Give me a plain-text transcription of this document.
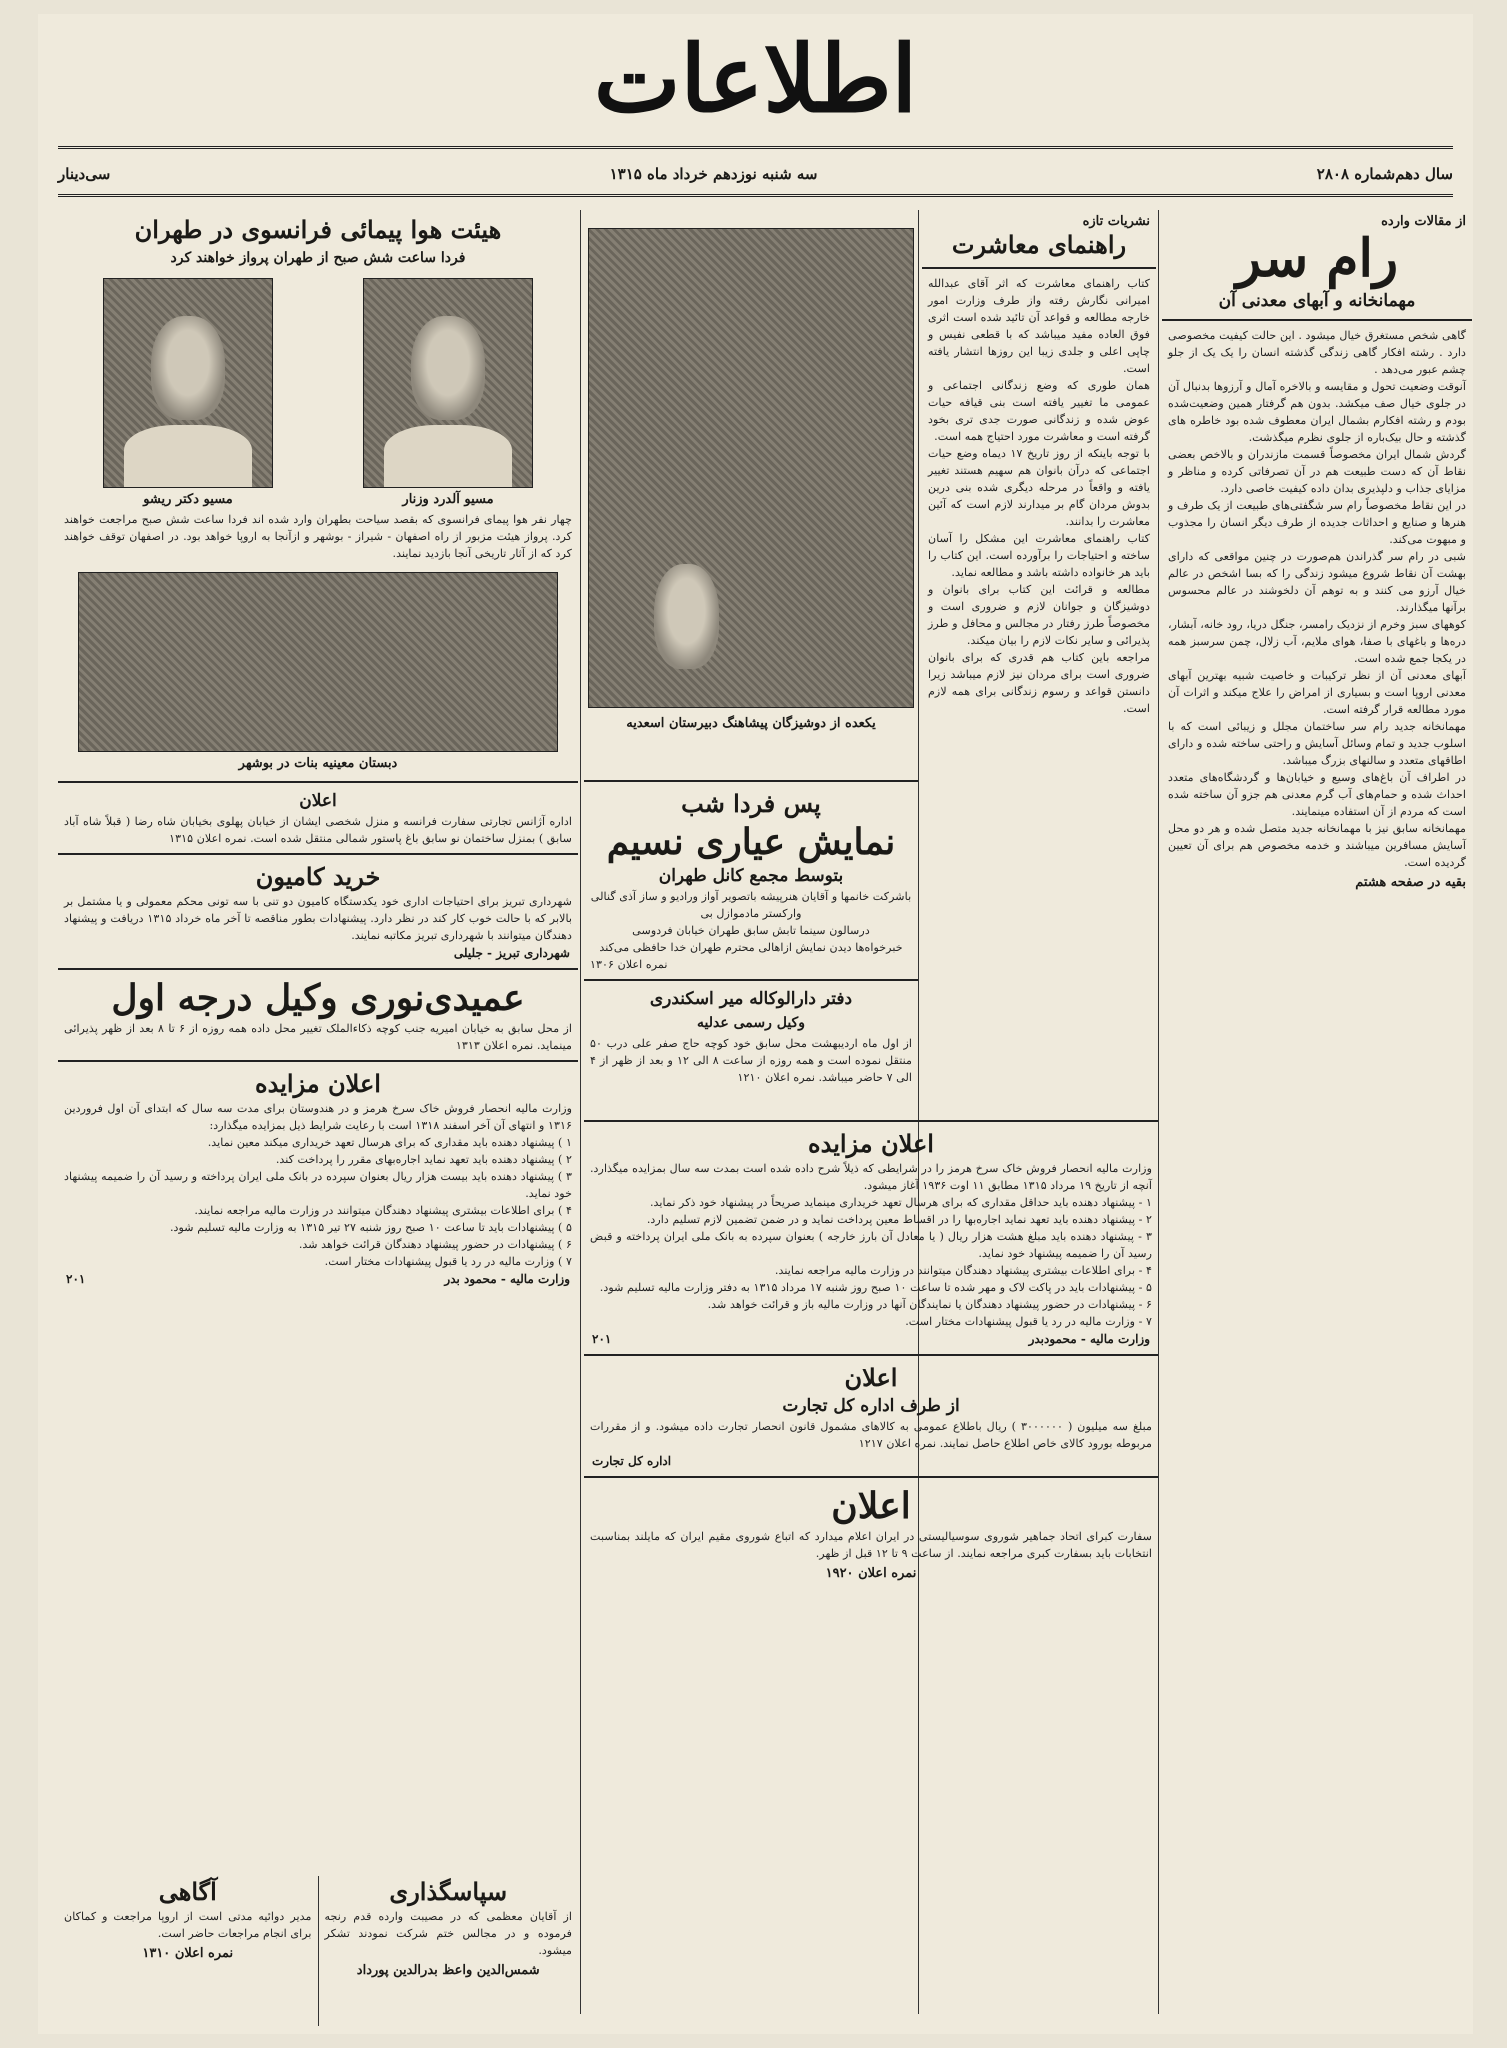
اطلاعات
سال دهم‌شماره ۲۸۰۸
سه شنبه نوزدهم خرداد ماه ۱۳۱۵
سی‌دینار
از مقالات وارده
رام سر
مهمانخانه و آبهای معدنی آن

گاهی شخص مستغرق خیال میشود . این حالت کیفیت مخصوصی دارد . رشته افکار گاهی زندگی گذشته انسان را یک‌ یک از جلو چشم‌ عبور می‌دهد .

آنوقت وضعیت تحول و مقایسه و بالاخره آمال و آرزوها بدنبال آن در جلوی خیال صف میکشد. بدون هم گرفتار همین وضعیت‌شده بودم و رشته افکارم بشمال ایران معطوف شده بود خاطره های گذشته و حال بیک‌باره از جلوی نظرم میگذشت.

گردش‌ شمال ایران مخصوصاً قسمت‌ مازندران و بالاخص بعضی‌ نقاط آن که دست طبیعت هم در آن تصرفاتی کرده و مناظر و مزایای جذاب و دلپذیری بدان داده کیفیت خاصی دارد.

در این نقاط مخصوصاً رام سر شگفتی‌های طبیعت از یک طرف و هنرها و صنایع و احداثات جدیده از طرف دیگر انسان را مجذوب و مبهوت می‌کند.

شبی‌ در رام سر گذراندن هم‌صورت در چنین مواقعی که دارای بهشت آن نقاط شروع میشود زندگی را که بسا اشخص در عالم خیال آرزو می کنند و به توهم آن دلخوشند در عالم محسوس برآنها میگذارند.

کوههای سبز وخرم از نزدیک رامسر، جنگل دریا، رود خانه، آبشار، دره‌ها و باغهای با صفا، هوای ملایم، آب‌ زلال، چمن سرسبز همه در یکجا جمع شده است.

آبهای معدنی آن از نظر ترکیبات و خاصیت شبیه بهترین آبهای معدنی اروپا است و بسیاری از امراض را علاج میکند و اثرات آن مورد مطالعه قرار گرفته است.

مهمانخانه جدید رام سر ساختمان مجلل و زیبائی است که با اسلوب جدید و تمام وسائل آسایش و راحتی ساخته شده و دارای اطاقهای متعدد و سالنهای بزرگ میباشد.

در اطراف آن باغ‌های وسیع و خیابان‌ها و گردشگاه‌های متعدد احداث شده و حمام‌های آب‌ گرم معدنی هم جزو آن ساخته شده است که مردم از آن استفاده مینمایند.

مهمانخانه سابق نیز با مهمانخانه جدید متصل شده و هر دو محل آسایش مسافرین میباشند و خدمه مخصوص هم برای آن تعیین گردیده است.

بقیه در صفحه هشتم
نشریات تازه
راهنمای معاشرت

کتاب راهنمای معاشرت که اثر آقای عبدالله امیرانی نگارش رفته واز طرف وزارت امور خارجه مطالعه و قواعد آن تائید شده است اثری فوق العاده مفید میباشد که با قطعی نفیس و چاپی اعلی و جلدی زیبا این روزها انتشار یافته است.

همان طوری که وضع زندگانی اجتماعی و عمومی ما تغییر یافته است بنی قیافه حیات عوض شده و زندگانی صورت جدی تری بخود گرفته است و معاشرت مورد احتیاج همه است.

با توجه باینکه از روز تاریخ ۱۷ دیماه وضع حیات اجتماعی که درآن بانوان هم سهیم هستند تغییر یافته و واقعاً در مرحله دیگری شده بنی درین بدوش مردان گام بر میدارند لازم است که آئین معاشرت را بدانند.

کتاب راهنمای معاشرت این مشکل را آسان ساخته و احتیاجات را برآورده است. این کتاب را باید هر خانواده داشته باشد و مطالعه نماید.

مطالعه و قرائت این کتاب برای بانوان و دوشیزگان و جوانان لازم و ضروری است و مخصوصاً طرز رفتار در مجالس و محافل و طرز پذیرائی و سایر نکات لازم را بیان میکند.

مراجعه باین کتاب هم قدری که برای بانوان ضروری است برای مردان نیز لازم میباشد زیرا دانستن قواعد و رسوم زندگانی برای همه لازم است.

یکعده از دوشیزگان پیشاهنگ دبیرستان اسعدیه
پس فردا شب
نمایش عیاری نسیم
بتوسط مجمع کانل طهران

باشرکت خانمها و آقایان هنرپیشه باتصویر آواز ورادیو و ساز آذی گنالی وارکستر مادموازل بی

درسالون سینما تابش سابق طهران خیابان فردوسی

خبرخواه‌ها دیدن نمایش ازاهالی محترم طهران خدا حافظی می‌کند

نمره اعلان ۱۳۰۶

دفتر دارالوکاله میر اسکندری
وکیل رسمی عدلیه

از اول ماه اردیبهشت محل سابق خود کوچه حاج صفر علی درب ۵۰ منتقل نموده است و همه روزه از ساعت ۸ الی ۱۲ و بعد از ظهر از ۴ الی ۷ حاضر میباشد. نمره اعلان ۱۲۱۰

اعلان مزایده

وزارت مالیه انحصار فروش خاک سرخ هرمز را در شرایطی که ذیلاً شرح داده شده است بمدت سه سال بمزایده میگذارد. آنچه از تاریخ ۱۹ مرداد ۱۳۱۵ مطابق ۱۱ اوت ۱۹۳۶ آغاز میشود.

۱ - پیشنهاد دهنده باید حداقل مقداری که برای هرسال تعهد خریداری مینماید صریحاً در پیشنهاد خود ذکر نماید.

۲ - پیشنهاد دهنده باید تعهد نماید اجاره‌بها را در اقساط معین پرداخت نماید و در ضمن تضمین لازم تسلیم دارد.

۳ - پیشنهاد دهنده باید مبلغ هشت هزار ریال ( یا معادل آن بارز خارجه ) بعنوان سپرده به بانک ملی ایران پرداخته و قبض رسید آن را ضمیمه پیشنهاد خود نماید.

۴ - برای اطلاعات بیشتری پیشنهاد دهندگان میتوانند در وزارت مالیه مراجعه نمایند.

۵ - پیشنهادات باید در پاکت لاک و مهر شده تا ساعت ۱۰ صبح روز شنبه ۱۷ مرداد ۱۳۱۵ به دفتر وزارت مالیه تسلیم شود.

۶ - پیشنهادات در حضور پیشنهاد دهندگان یا نمایندگان آنها در وزارت مالیه باز و قرائت خواهد شد.

۷ - وزارت مالیه در رد یا قبول پیشنهادات مختار است.

وزارت مالیه - محمودبدر
۲۰۱
اعلان
از طرف اداره کل تجارت

مبلغ سه میلیون ( ۳۰۰۰۰۰۰ ) ریال باطلاع عمومی به کالاهای مشمول قانون انحصار تجارت داده میشود. و از مقررات مربوطه بورود کالای خاص اطلاع حاصل نمایند. نمره اعلان ۱۲۱۷

اداره کل تجارت
اعلان

سفارت کبرای اتحاد جماهیر شوروی سوسیالیستی در ایران اعلام میدارد که اتباع شوروی مقیم ایران که مایلند بمناسبت انتخابات باید بسفارت کبری مراجعه نمایند. از ساعت ۹ تا ۱۲ قبل‌ از ظهر.

نمره اعلان ۱۹۲۰
هیئت هوا پیمائی فرانسوی در طهران
فردا ساعت شش صبح از طهران پرواز خواهند کرد
مسیو آلدرد وزنار
مسیو دکتر ریشو

چهار نفر هوا پیمای فرانسوی که بقصد سیاحت بطهران وارد شده اند فردا ساعت شش صبح مراجعت خواهند کرد. پرواز هیئت مزبور از راه اصفهان - شیراز - بوشهر و ازآنجا به اروپا خواهد بود. در اصفهان توقف خواهند کرد که از آثار تاریخی آنجا بازدید نمایند.

دبستان معینیه بنات در بوشهر
اعلان

اداره آژانس تجارتی سفارت فرانسه و منزل شخصی ایشان از خیابان پهلوی بخیابان شاه رضا ( قبلاً شاه‌ آباد سابق ) بمنزل ساختمان نو سابق باغ پاستور شمالی منتقل شده است. نمره اعلان ۱۳۱۵

خرید کامیون

شهرداری تبریز برای احتیاجات اداری خود یکدستگاه کامیون دو تنی با سه تونی محکم معمولی و یا مشتمل بر بالابر که با حالت خوب کار کند در نظر دارد. پیشنهادات بطور مناقصه تا آخر ماه خرداد ۱۳۱۵ دریافت و پیشنهاد دهندگان میتوانند با شهرداری تبریز مکاتبه نمایند.

شهرداری تبریز - جلیلی
عمیدی‌نوری وکیل درجه اول

از محل سابق به خیابان امیریه جنب کوچه ذکاءالملک تغییر محل داده همه روزه از ۶ تا ۸ بعد از ظهر پذیرائی مینماید. نمره اعلان ۱۳۱۳

اعلان مزایده

وزارت مالیه انحصار فروش خاک سرخ هرمز و در هندوستان برای مدت سه سال که ابتدای آن اول فروردین ۱۳۱۶ و انتهای آن آخر اسفند ۱۳۱۸ است با رعایت شرایط ذیل بمزایده میگذارد:

۱ ) پیشنهاد دهنده باید مقداری که برای هرسال تعهد خریداری میکند معین نماید.

۲ ) پیشنهاد دهنده باید تعهد نماید اجاره‌بهای مقرر را پرداخت کند.

۳ ) پیشنهاد دهنده باید بیست هزار ریال بعنوان سپرده در بانک ملی ایران پرداخته و رسید آن را ضمیمه پیشنهاد خود نماید.

۴ ) برای اطلاعات بیشتری پیشنهاد دهندگان میتوانند در وزارت مالیه مراجعه نمایند.

۵ ) پیشنهادات باید تا ساعت ۱۰ صبح روز شنبه ۲۷ تیر ۱۳۱۵ به وزارت مالیه تسلیم شود.

۶ ) پیشنهادات در حضور پیشنهاد دهندگان قرائت خواهد شد.

۷ ) وزارت مالیه در رد یا قبول پیشنهادات مختار است.

وزارت مالیه - محمود بدر
۲۰۱
سپاسگذاری

از آقایان معظمی که در مصیبت وارده قدم رنجه فرموده و در مجالس ختم شرکت نمودند تشکر میشود.

شمس‌الدین واعظ بدرالدین پورداد
آگاهی

مدیر دوائیه مدتی است از اروپا مراجعت و کماکان برای انجام مراجعات حاضر است.

نمره اعلان ۱۳۱۰
